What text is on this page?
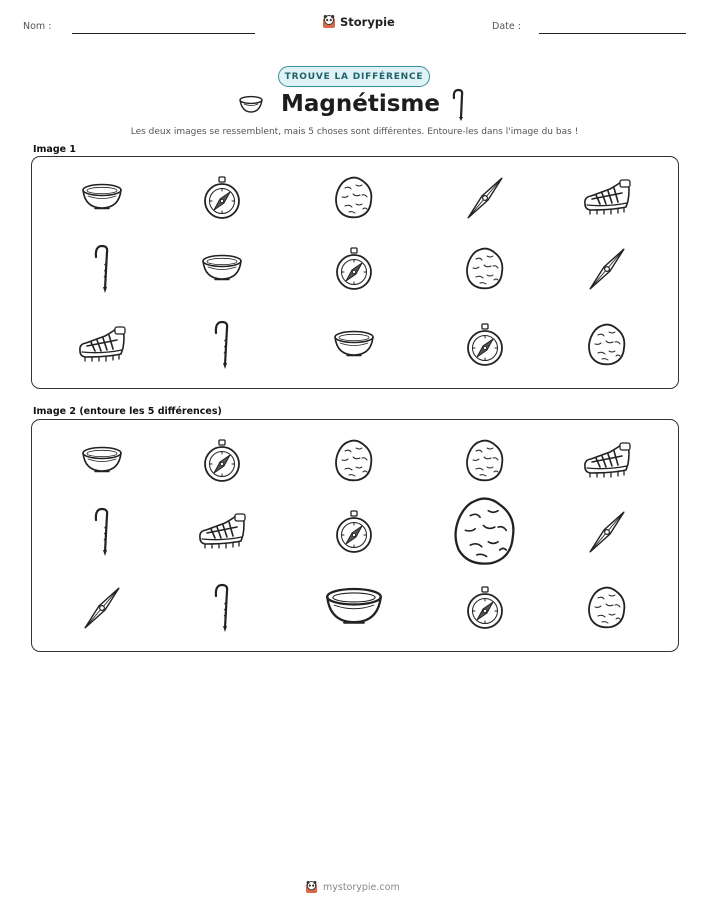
Nom :	Storypie	Date :
TROUVE LA DIFFÉRENCE
Magnétisme
Les deux images se ressemblent, mais 5 choses sont différentes. Entoure-les dans l'image du bas !
Image 1
Image 2 (entoure les 5 différences)
mystorypie.com
